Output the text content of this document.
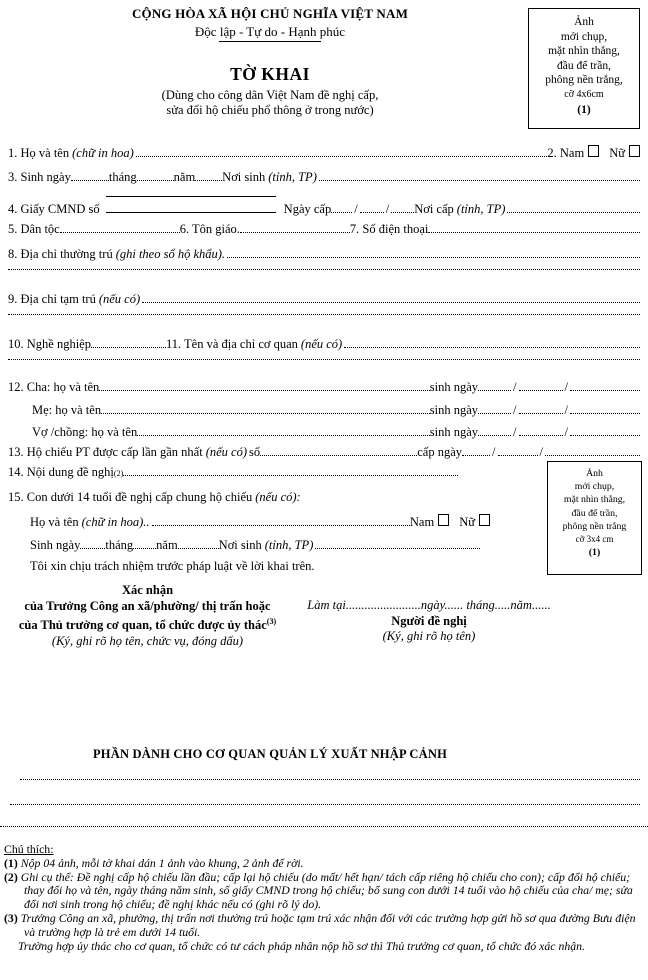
CỘNG HÒA XÃ HỘI CHỦ NGHĨA VIỆT NAM
Độc lập - Tự do - Hạnh phúc
TỜ KHAI
(Dùng cho công dân Việt Nam đề nghị cấp,
sửa đổi hộ chiếu phổ thông ở trong nước)
Ảnh
mới chụp,
mặt nhìn thẳng,
đầu để trần,
phông nền trắng,
cỡ 4x6cm
(1)
1. Họ và tên (chữ in hoa)	2. Nam Nữ
3. Sinh ngày	tháng	năm Nơi sinh (tỉnh, TP)
4. Giấy CMND số	Ngày cấp / / Nơi cấp (tỉnh, TP)
5. Dân tộc	6. Tôn giáo.	7. Số điện thoại
8. Địa chỉ thường trú (ghi theo sổ hộ khẩu).
9. Địa chỉ tạm trú (nếu có)
10. Nghề nghiệp	11. Tên và địa chỉ cơ quan (nếu có)
12. Cha: họ và tên	sinh ngày	/	/
Mẹ: họ và tên	sinh ngày	/	/
Vợ /chồng: họ và tên	sinh ngày	/	/
13. Hộ chiếu PT được cấp lần gần nhất (nếu có) số	cấp ngày /	/
14. Nội dung đề nghị (2)
15. Con dưới 14 tuổi đề nghị cấp chung hộ chiếu (nếu có):
Họ và tên (chữ in hoa)..	Nam Nữ
Sinh ngày tháng năm	Nơi sinh (tỉnh, TP)
Tôi xin chịu trách nhiệm trước pháp luật về lời khai trên.
Ảnh
mới chụp,
mặt nhìn thẳng,
đầu để trần,
phông nền trắng
cỡ 3x4 cm
(1)
Xác nhận
của Trưởng Công an xã/phường/ thị trấn hoặc
của Thủ trưởng cơ quan, tổ chức được ủy thác$^{(3)}$
(Ký, ghi rõ họ tên, chức vụ, đóng dấu)
Làm tại........................ngày...... tháng.....năm......
Người đề nghị
(Ký, ghi rõ họ tên)
PHẦN DÀNH CHO CƠ QUAN QUẢN LÝ XUẤT NHẬP CẢNH
Chú thích:
(1) Nộp 04 ảnh, mỗi tờ khai dán 1 ảnh vào khung, 2 ảnh để rời.
(2) Ghi cụ thể: Đề nghị cấp hộ chiếu lần đầu; cấp lại hộ chiếu (do mất/ hết hạn/ tách cấp riêng hộ chiếu cho con); cấp đổi hộ chiếu; thay đổi họ và tên, ngày tháng năm sinh, số giấy CMND trong hộ chiếu; bổ sung con dưới 14 tuổi vào hộ chiếu của cha/ mẹ; sửa đổi nơi sinh trong hộ chiếu; đề nghị khác nếu có (ghi rõ lý do).
(3) Trưởng Công an xã, phường, thị trấn nơi thường trú hoặc tạm trú xác nhận đối với các trường hợp gửi hồ sơ qua đường Bưu điện và trường hợp là trẻ em dưới 14 tuổi.
Trường hợp ủy thác cho cơ quan, tổ chức có tư cách pháp nhân nộp hồ sơ thì Thủ trưởng cơ quan, tổ chức đó xác nhận.
